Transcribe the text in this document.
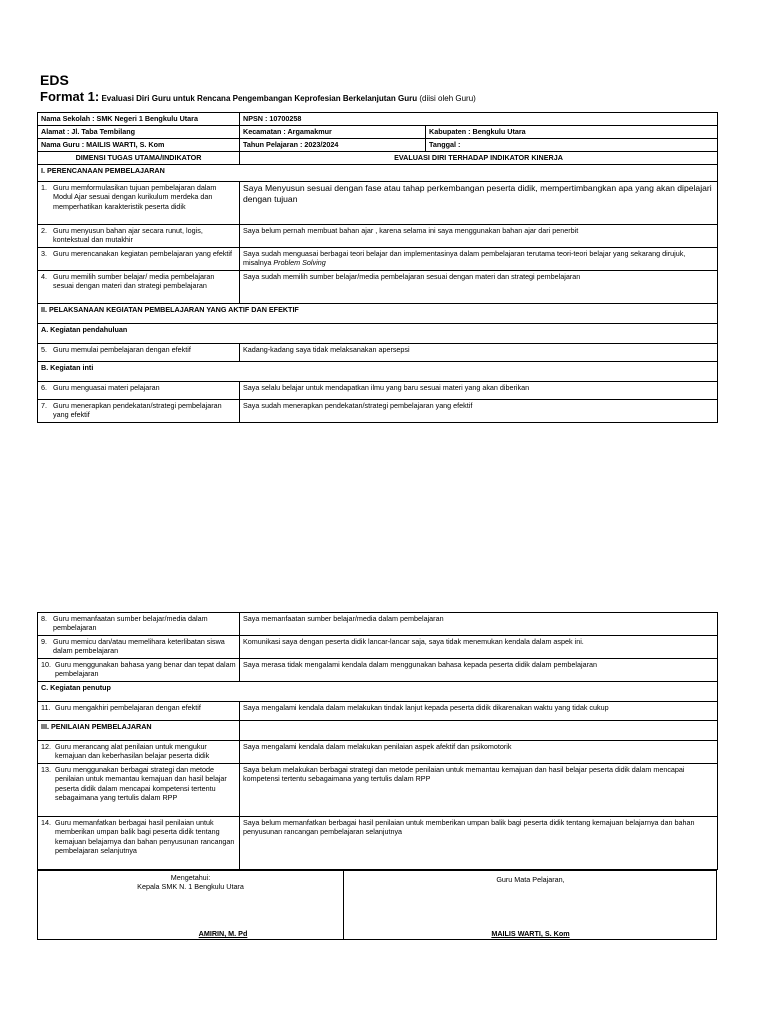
EDS
Format 1: Evaluasi Diri Guru untuk Rencana Pengembangan Keprofesian Berkelanjutan Guru (diisi oleh Guru)
Nama Sekolah : SMK Negeri 1 Bengkulu Utara	NPSN : 10700258	
Alamat : Jl. Taba Tembilang	Kecamatan : Argamakmur	Kabupaten : Bengkulu Utara
Nama Guru : MAILIS WARTI, S. Kom	Tahun Pelajaran : 2023/2024	Tanggal :
DIMENSI TUGAS UTAMA/INDIKATOR	EVALUASI DIRI TERHADAP INDIKATOR KINERJA	
I. PERENCANAAN PEMBELAJARAN		

1. Guru memformulasikan tujuan pembelajaran dalam Modul Ajar sesuai dengan kurikulum merdeka dan memperhatikan karakteristik peserta didik	Saya Menyusun sesuai dengan fase atau tahap perkembangan peserta didik, mempertimbangkan apa yang akan dipelajari dengan tujuan	

2. Guru menyusun bahan ajar secara runut, logis, kontekstual dan mutakhir	Saya belum pernah membuat bahan ajar , karena selama ini saya menggunakan bahan ajar dari penerbit	

3. Guru merencanakan kegiatan pembelajaran yang efektif	Saya sudah menguasai berbagai teori belajar dan implementasinya dalam pembelajaran terutama teori-teori belajar yang sekarang dirujuk, misalnya Problem Solving	

4. Guru memilih sumber belajar/ media pembelajaran sesuai dengan materi dan strategi pembelajaran	Saya sudah memilih sumber belajar/media pembelajaran sesuai dengan materi dan strategi pembelajaran	
II. PELAKSANAAN KEGIATAN PEMBELAJARAN YANG AKTIF DAN EFEKTIF		
A. Kegiatan pendahuluan		

5. Guru memulai pembelajaran dengan efektif	Kadang-kadang saya tidak melaksanakan apersepsi	
B. Kegiatan inti		

6. Guru menguasai materi pelajaran	Saya selalu belajar untuk mendapatkan ilmu yang baru sesuai materi yang akan diberikan	

7. Guru menerapkan pendekatan/strategi pembelajaran yang efektif	Saya sudah menerapkan pendekatan/strategi pembelajaran yang efektif	
8. Guru memanfaatan sumber belajar/media dalam pembelajaran	Saya memanfaatan sumber belajar/media dalam pembelajaran

9. Guru memicu dan/atau memelihara keterlibatan siswa dalam pembelajaran	Komunikasi saya dengan peserta didik lancar-lancar saja, saya tidak menemukan kendala dalam aspek ini.

10. Guru menggunakan bahasa yang benar dan tepat dalam pembelajaran	Saya merasa tidak mengalami kendala dalam menggunakan bahasa kepada peserta didik dalam pembelajaran
C. Kegiatan penutup	

11. Guru mengakhiri pembelajaran dengan efektif	Saya mengalami kendala dalam melakukan tindak lanjut kepada peserta didik dikarenakan waktu yang tidak cukup
III. PENILAIAN PEMBELAJARAN	

12. Guru merancang alat penilaian untuk mengukur kemajuan dan keberhasilan belajar peserta didik	Saya mengalami kendala dalam melakukan penilaian aspek afektif dan psikomotorik

13. Guru menggunakan berbagai strategi dan metode penilaian untuk memantau kemajuan dan hasil belajar peserta didik dalam mencapai kompetensi tertentu sebagaimana yang tertulis dalam RPP	Saya belum melakukan berbagai strategi dan metode penilaian untuk memantau kemajuan dan hasil belajar peserta didik dalam mencapai kompetensi tertentu sebagaimana yang tertulis dalam RPP

14. Guru memanfatkan berbagai hasil penilaian untuk memberikan umpan balik bagi peserta didik tentang kemajuan belajarnya dan bahan penyusunan rancangan pembelajaran selanjutnya	Saya belum memanfatkan berbagai hasil penilaian untuk memberikan umpan balik bagi peserta didik tentang kemajuan belajarnya dan bahan penyusunan rancangan pembelajaran selanjutnya
Mengetahui:
Kepala SMK N. 1 Bengkulu Utara
AMIRIN, M. Pd
Guru Mata Pelajaran,
MAILIS WARTI, S. Kom
